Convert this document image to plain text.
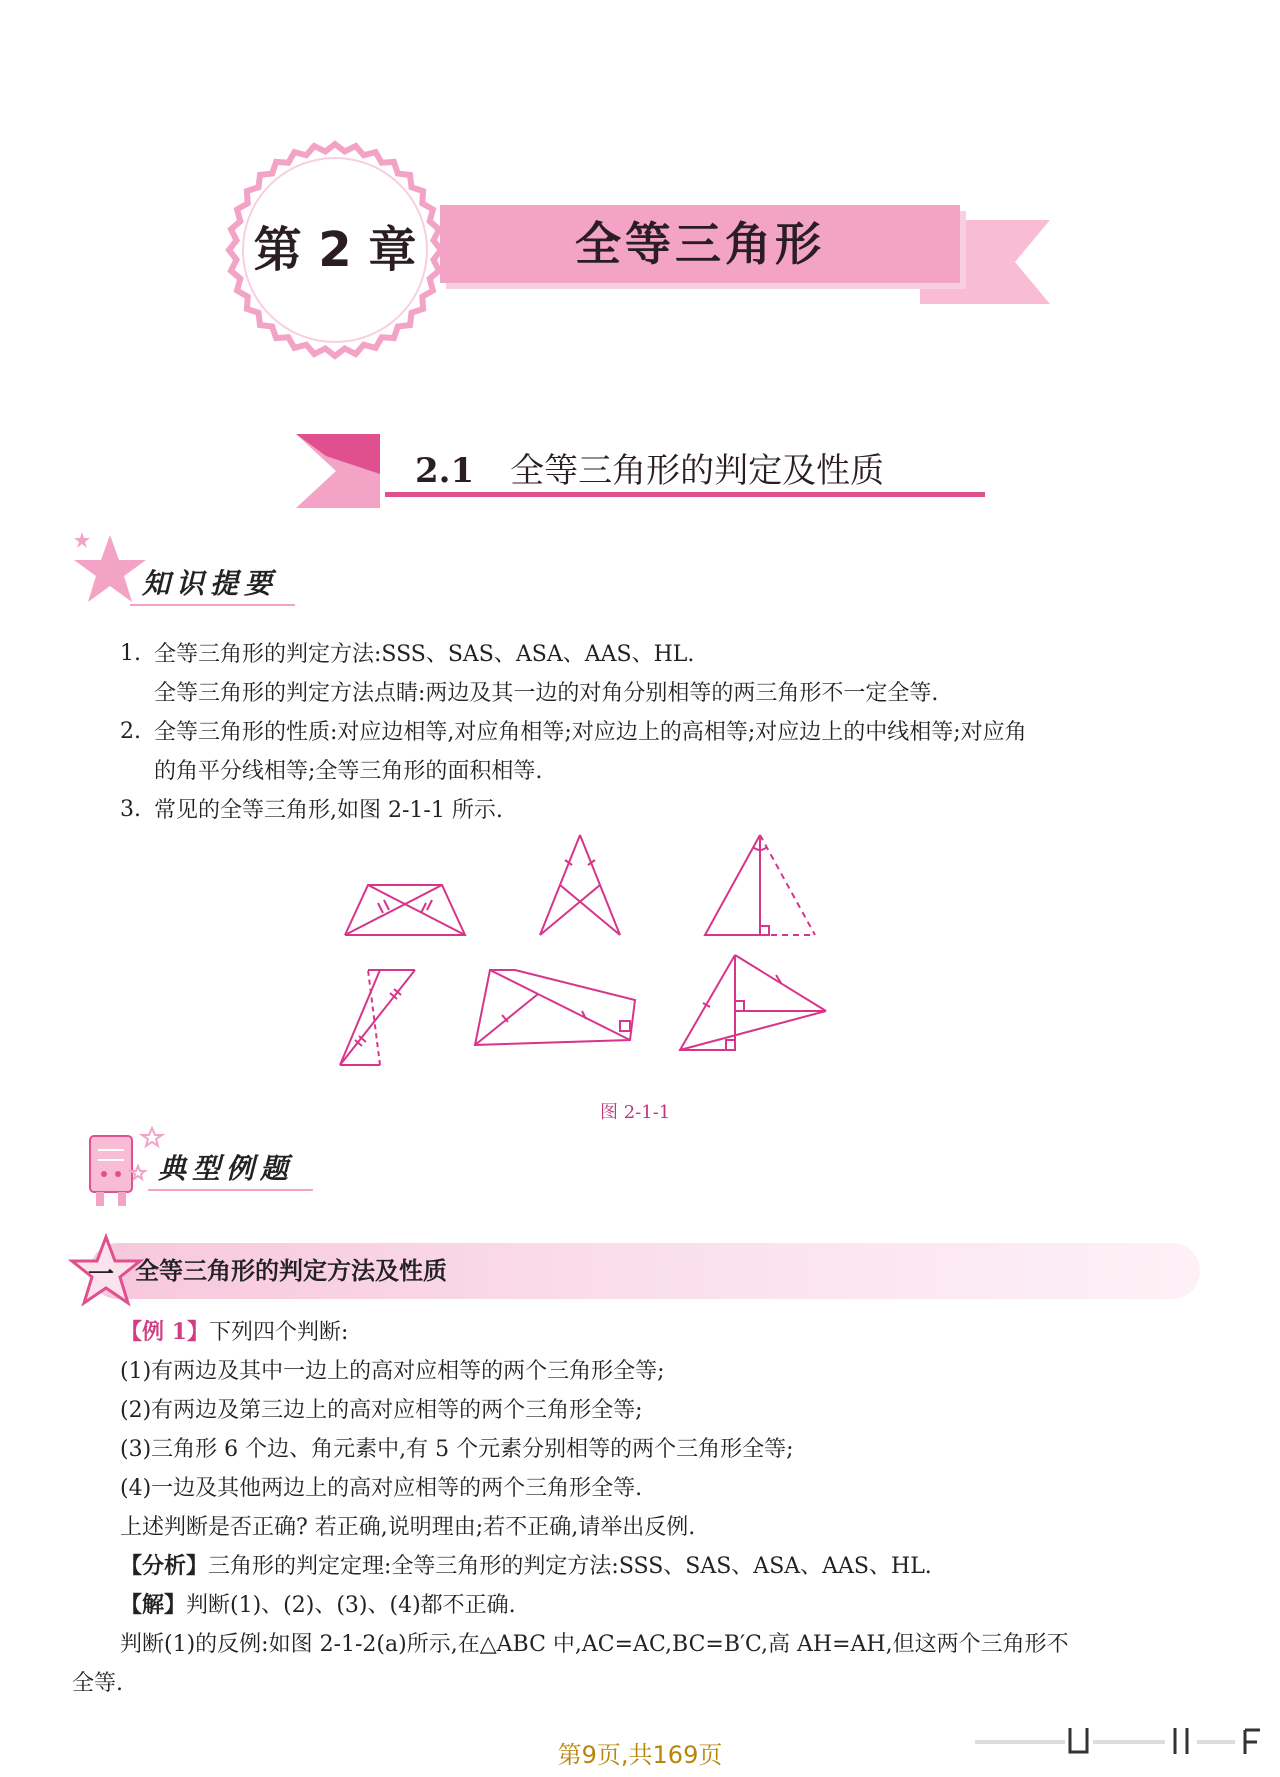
全等三角形
第 2 章
2.1 全等三角形的判定及性质
知识提要
1. 全等三角形的判定方法:SSS、SAS、ASA、AAS、HL.
全等三角形的判定方法点睛:两边及其一边的对角分别相等的两三角形不一定全等.
2. 全等三角形的性质:对应边相等,对应角相等;对应边上的高相等;对应边上的中线相等;对应角
的角平分线相等;全等三角形的面积相等.
3. 常见的全等三角形,如图 2-1-1 所示.
图 2-1-1
典型例题
一 全等三角形的判定方法及性质
【例 1】下列四个判断:
(1)有两边及其中一边上的高对应相等的两个三角形全等;
(2)有两边及第三边上的高对应相等的两个三角形全等;
(3)三角形 6 个边、角元素中,有 5 个元素分别相等的两个三角形全等;
(4)一边及其他两边上的高对应相等的两个三角形全等.
上述判断是否正确? 若正确,说明理由;若不正确,请举出反例.
【分析】三角形的判定定理:全等三角形的判定方法:SSS、SAS、ASA、AAS、HL.
【解】判断(1)、(2)、(3)、(4)都不正确.
判断(1)的反例:如图 2-1-2(a)所示,在△ABC 中,AC=AC,BC=B′C,高 AH=AH,但这两个三角形不
全等.
第9页,共169页
